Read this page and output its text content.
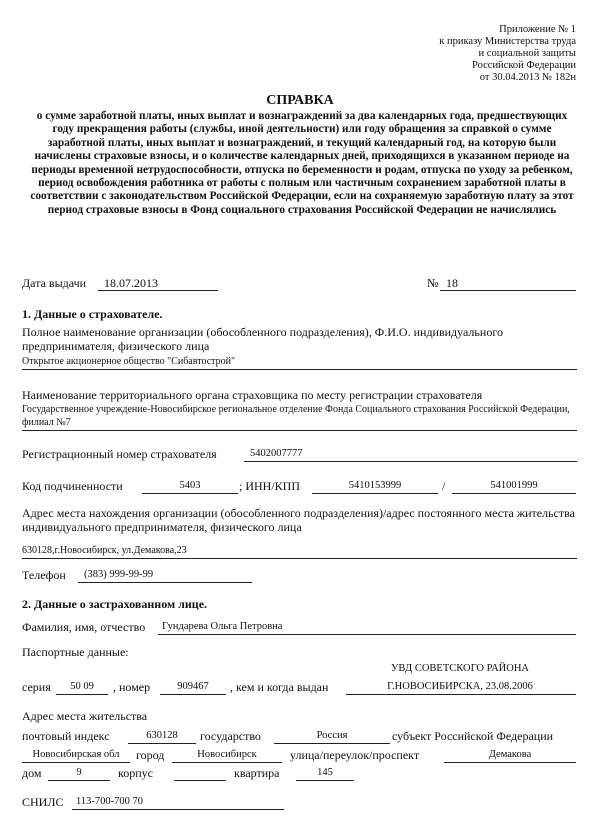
Приложение № 1
к приказу Министерства труда
и социальной защиты
Российской Федерации
от 30.04.2013 № 182н
СПРАВКА
о сумме заработной платы, иных выплат и вознаграждений за два календарных года, предшествующих году прекращения работы (службы, иной деятельности) или году обращения за справкой о сумме заработной платы, иных выплат и вознаграждений, и текущий календарный год, на которую были начислены страховые взносы, и о количестве календарных дней, приходящихся в указанном периоде на периоды временной нетрудоспособности, отпуска по беременности и родам, отпуска по уходу за ребенком, период освобождения работника от работы с полным или частичным сохранением заработной платы в соответствии с законодательством Российской Федерации, если на сохраняемую заработную плату за этот период страховые взносы в Фонд социального страхования Российской Федерации не начислялись
Дата выдачи 18.07.2013	№ 18
1. Данные о страхователе.
Полное наименование организации (обособленного подразделения), Ф.И.О. индивидуального предпринимателя, физического лица
Открытое акционерное общество "Сибавтострой"
Наименование территориального органа страховщика по месту регистрации страхователя
Государственное учреждение-Новосибирское региональное отделение Фонда Социального страхования Российской Федерации, филиал №7
Регистрационный номер страхователя	5402007777
Код подчиненности	5403	; ИНН/КПП	5410153999	/	541001999
Адрес места нахождения организации (обособленного подразделения)/адрес постоянного места жительства индивидуального предпринимателя, физического лица
630128,г.Новосибирск, ул.Демакова,23
Телефон (383) 999-99-99
2. Данные о застрахованном лице.
Фамилия, имя, отчество Гундарева Ольга Петровна
Паспортные данные:
УВД СОВЕТСКОГО РАЙОНА
серия	50 09	, номер	909467	, кем и когда выдан	Г.НОВОСИБИРСКА, 23.08.2006
Адрес места жительства
почтовый индекс	630128	государство	Россия	субъект Российской Федерации
Новосибирская обл	город	Новосибирск	улица/переулок/проспект	Демакова
дом	9	корпус	квартира	145
СНИЛС 113-700-700 70
